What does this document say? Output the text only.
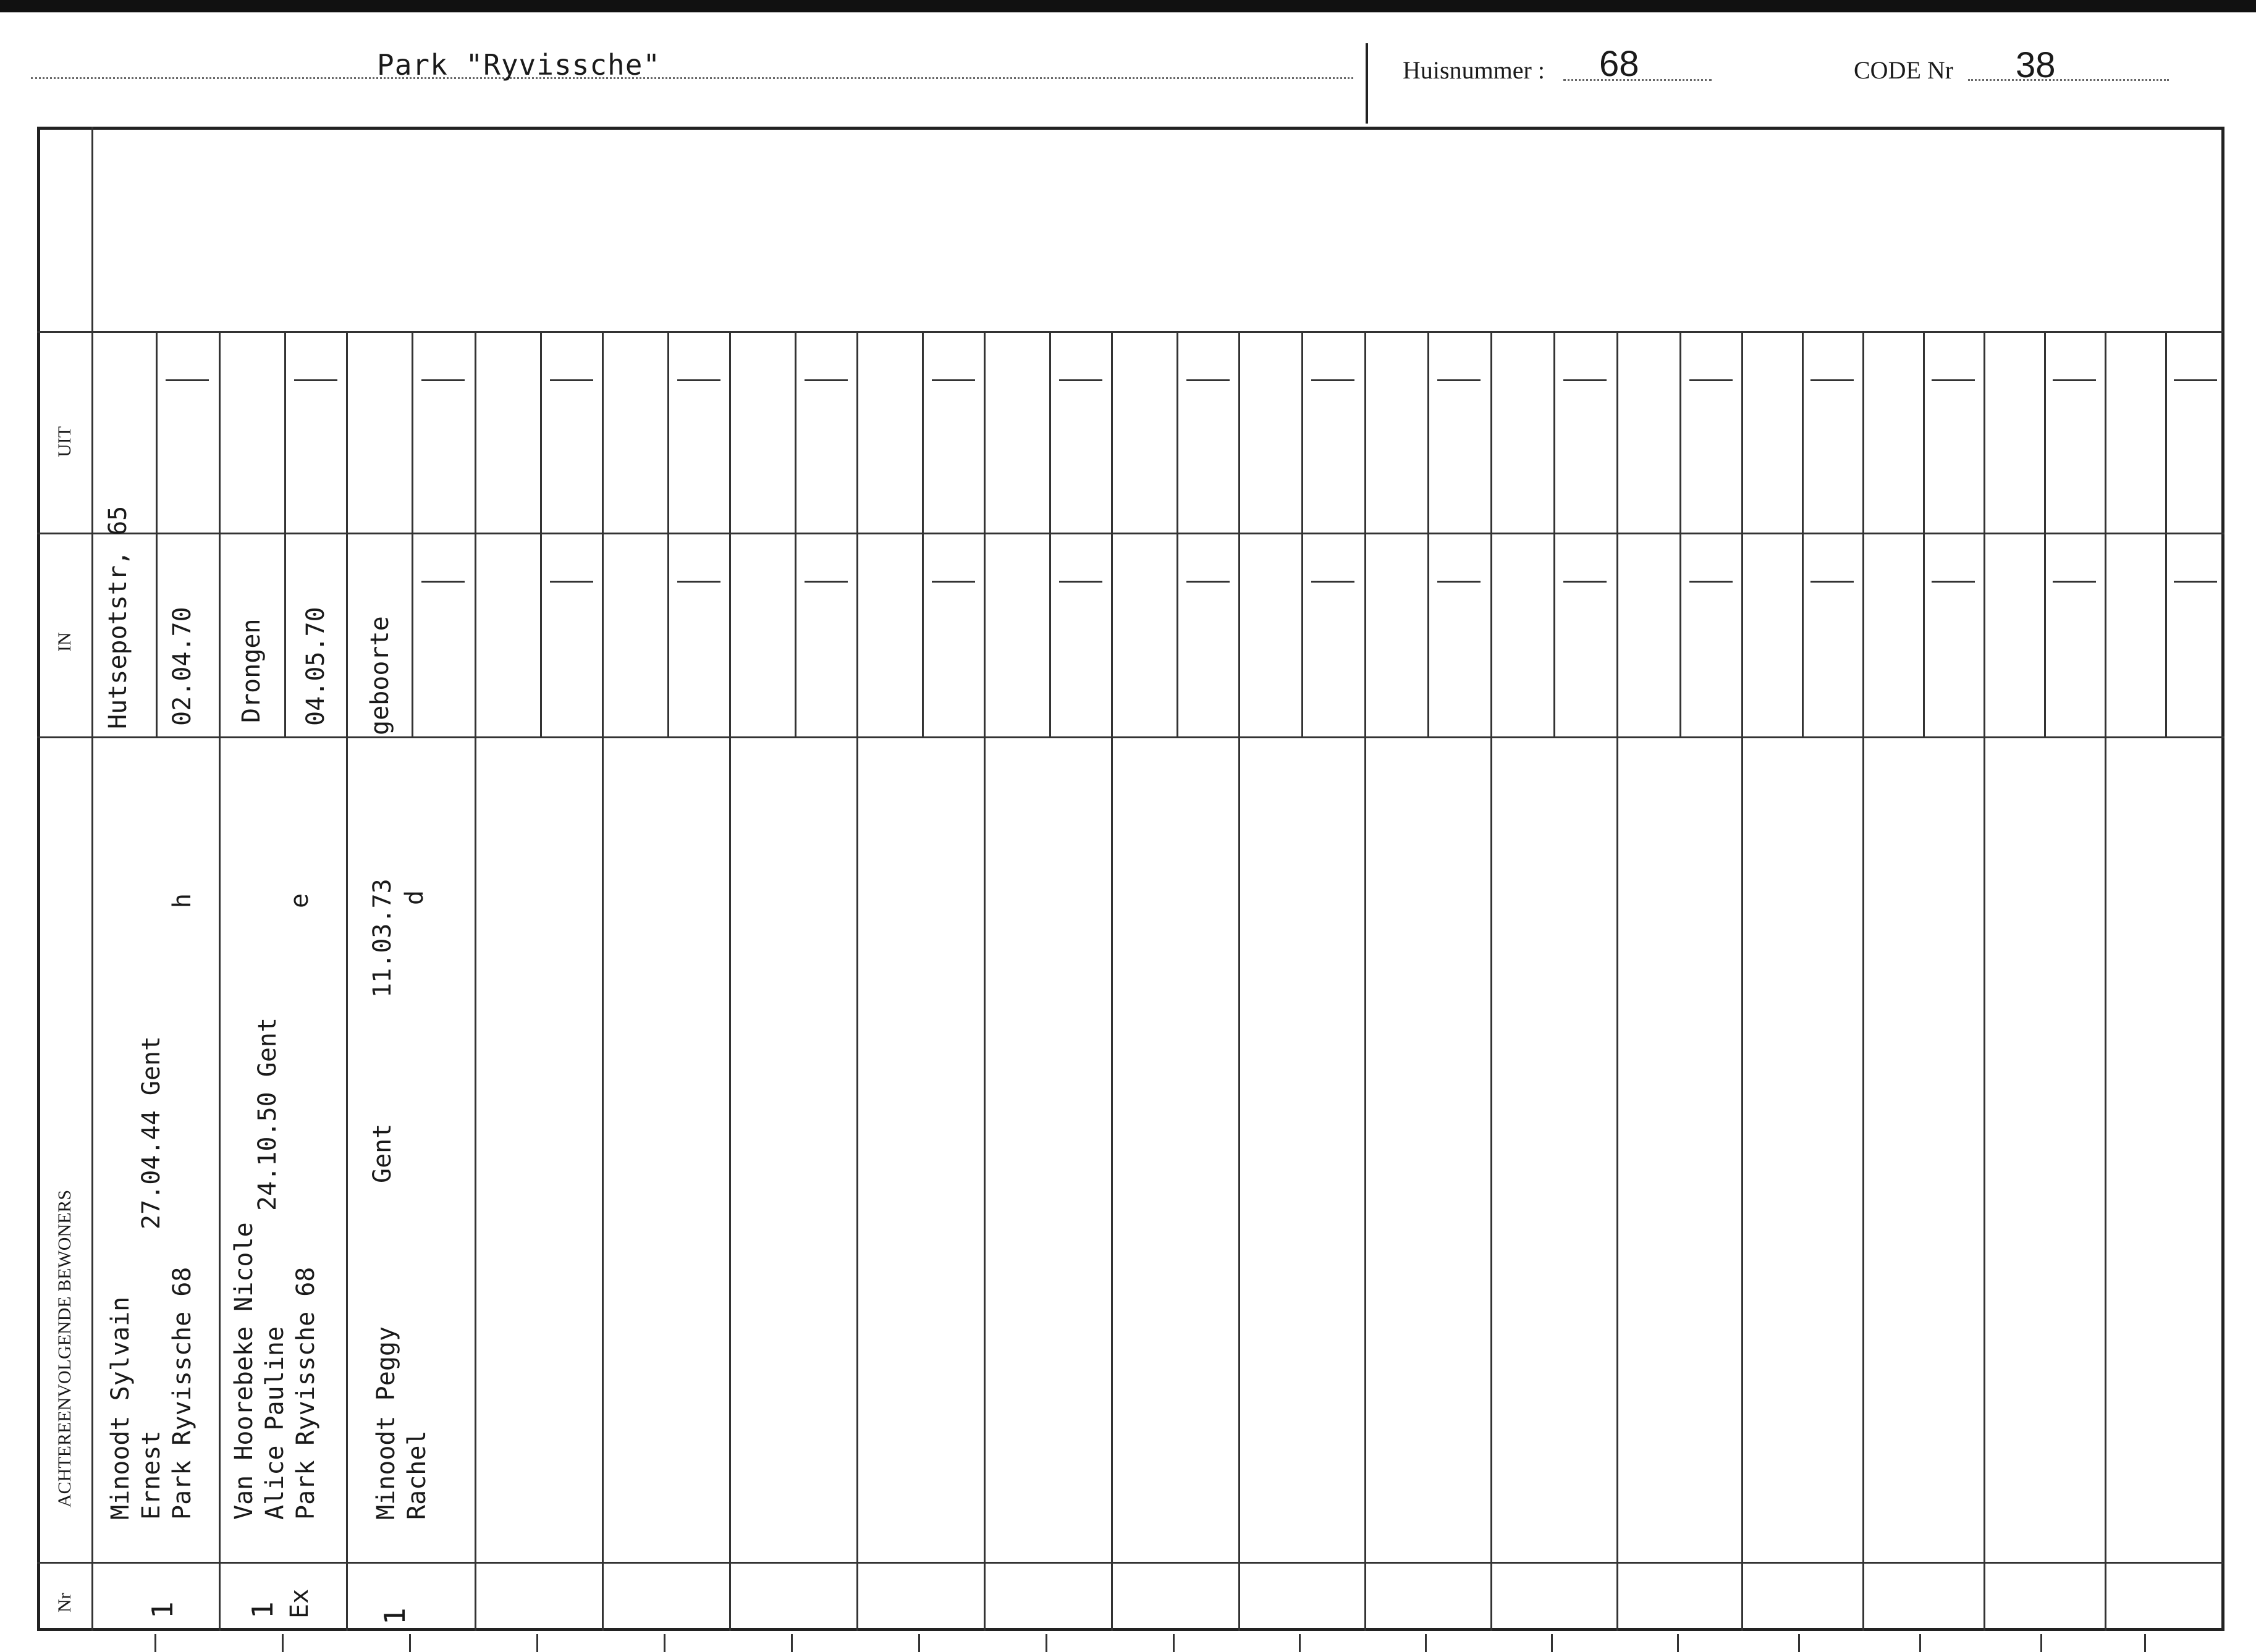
Park "Ryvissche"	Huisnummer : 68	CODE Nr 38
UIT
IN
ACHTEREENVOLGENDE BEWONERS
Nr
Hutsepotstr, 65 02.04.70
Minoodt Sylvain Ernest Park Ryvissche 68
27.04.44 Gent
h
1
Drongen 04.05.70
Van Hoorebeke Nicole Alice Pauline Park Ryvissche 68
24.10.50 Gent
e
1 Ex
geboorte
Minoodt Peggy Rachel
Gent
11.03.73 d
1
